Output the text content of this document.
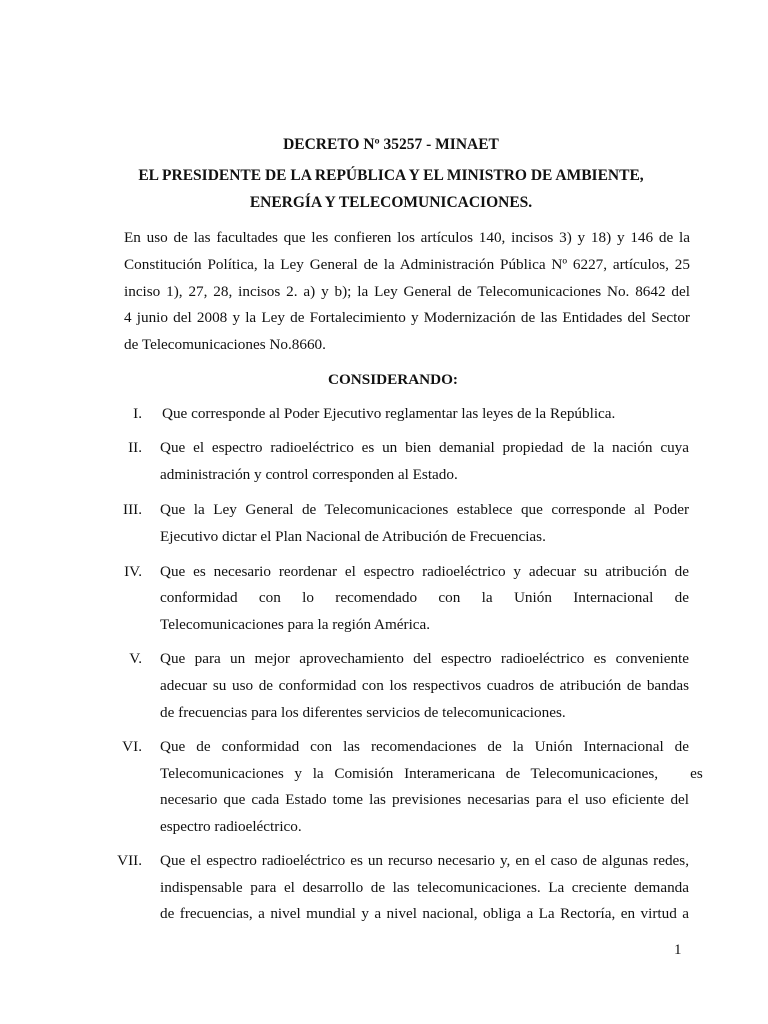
DECRETO Nº 35257 - MINAET
EL PRESIDENTE DE LA REPÚBLICA Y EL MINISTRO DE AMBIENTE,
ENERGÍA Y TELECOMUNICACIONES.
En uso de las facultades que les confieren los artículos 140, incisos 3) y 18) y 146 de la
Constitución Política, la Ley General de la Administración Pública Nº 6227, artículos, 25
inciso 1), 27, 28, incisos 2. a) y b); la Ley General de Telecomunicaciones No. 8642 del
4 junio del 2008 y la Ley de Fortalecimiento y Modernización de las Entidades del Sector
de Telecomunicaciones No.8660.
CONSIDERANDO:
I. Que corresponde al Poder Ejecutivo reglamentar las leyes de la República.
II. Que el espectro radioeléctrico es un bien demanial propiedad de la nación cuya
administración y control corresponden al Estado.
III. Que la Ley General de Telecomunicaciones establece que corresponde al Poder
Ejecutivo dictar el Plan Nacional de Atribución de Frecuencias.
IV. Que es necesario reordenar el espectro radioeléctrico y adecuar su atribución de
conformidad con lo recomendado con la Unión Internacional de
Telecomunicaciones para la región América.
V. Que para un mejor aprovechamiento del espectro radioeléctrico es conveniente
adecuar su uso de conformidad con los respectivos cuadros de atribución de bandas
de frecuencias para los diferentes servicios de telecomunicaciones.
VI. Que de conformidad con las recomendaciones de la Unión Internacional de
Telecomunicaciones y la Comisión Interamericana de Telecomunicaciones,   es
necesario que cada Estado tome las previsiones necesarias para el uso eficiente del
espectro radioeléctrico.
VII. Que el espectro radioeléctrico es un recurso necesario y, en el caso de algunas redes,
indispensable para el desarrollo de las telecomunicaciones. La creciente demanda
de frecuencias, a nivel mundial y a nivel nacional, obliga a La Rectoría, en virtud a
1
